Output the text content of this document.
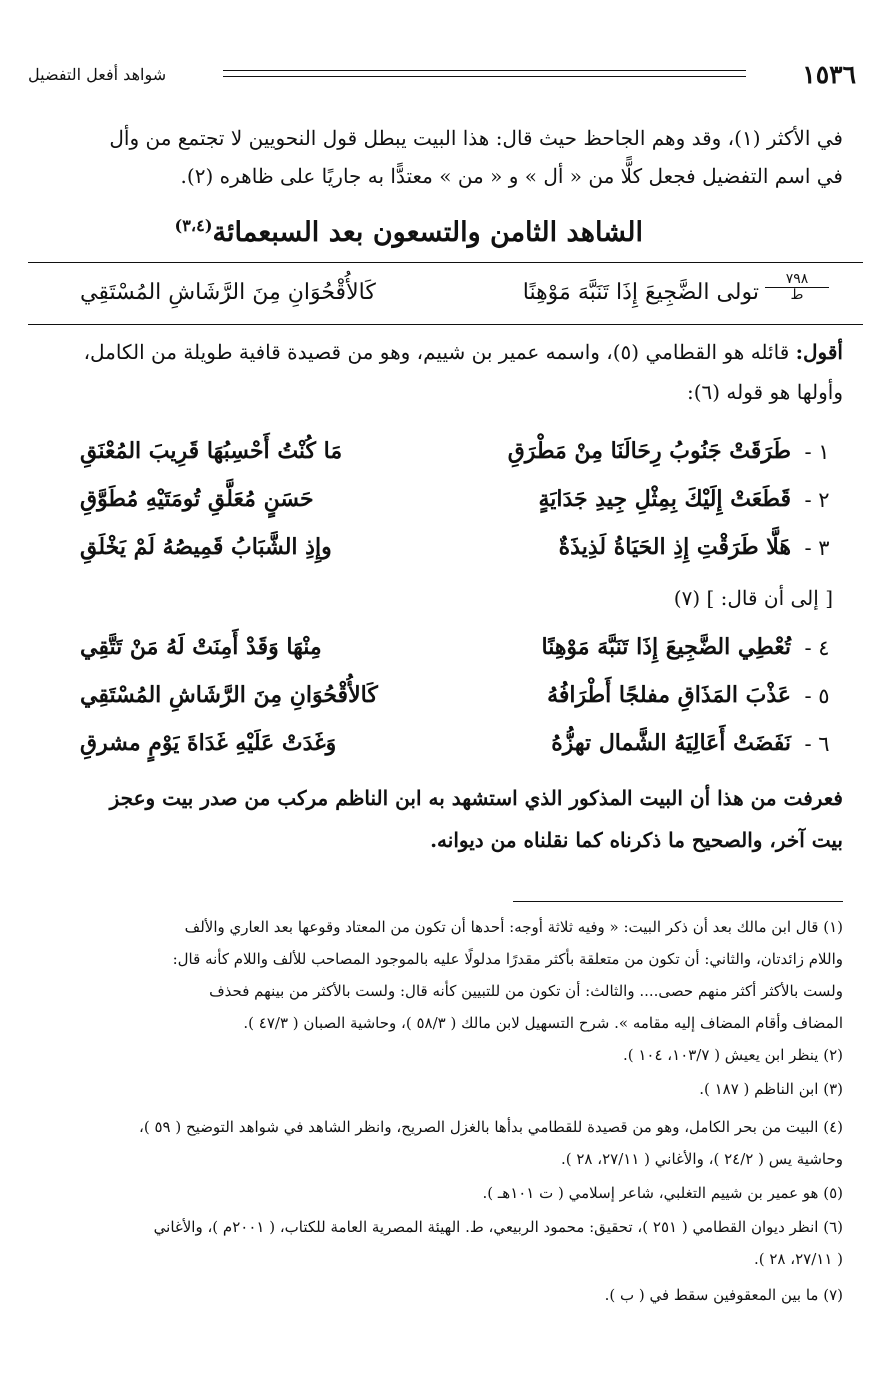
١٥٣٦
شواهد أفعل التفضيل
في الأكثر (١)، وقد وهم الجاحظ حيث قال: هذا البيت يبطل قول النحويين لا تجتمع من وأل
في اسم التفضيل فجعل كلًّا من « أل » و « من » معتدًّا به جاريًا على ظاهره (٢).
الشاهد الثامن والتسعون بعد السبعمائة$^{(٣،٤)}$
٧٩٨
ط
تولى الضَّجِيعَ إِذَا تَنَبَّهَ مَوْهِنًا
كَالأُقْحُوَانِ مِنَ الرَّشَاشِ المُسْتَقِي
أقول: قائله هو القطامي (٥)، واسمه عمير بن شييم، وهو من قصيدة قافية طويلة من الكامل،
وأولها هو قوله (٦):
١ -
طَرَقَتْ جَنُوبُ رِحَالَنَا مِنْ مَطْرَقِ
مَا كُنْتُ أَحْسِبُهَا قَرِيبَ المُعْنَقِ
٢ -
قَطَعَتْ إِلَيْكَ بِمِثْلِ جِيدِ جَدَايَةٍ
حَسَنٍ مُعَلَّقِ تُومَتَيْهِ مُطَوَّقِ
٣ -
هَلَّا طَرَقْتِ إِذِ الحَيَاةُ لَذِيذَةٌ
وإِذِ الشَّبَابُ قَمِيصُهُ لَمْ يَخْلَقِ
[ إلى أن قال: ] (٧)
٤ -
تُعْطِي الضَّجِيعَ إِذَا تَنَبَّهَ مَوْهِنًا
مِنْهَا وَقَدْ أَمِنَتْ لَهُ مَنْ تَتَّقِي
٥ -
عَذْبَ المَذَاقِ مفلجًا أَطْرَافُهُ
كَالأُقْحُوَانِ مِنَ الرَّشَاشِ المُسْتَقِي
٦ -
نَفَضَتْ أَعَالِيَهُ الشَّمال تهزُّهُ
وَغَدَتْ عَلَيْهِ غَدَاةَ يَوْمٍ مشرقِ
فعرفت من هذا أن البيت المذكور الذي استشهد به ابن الناظم مركب من صدر بيت وعجز
بيت آخر، والصحيح ما ذكرناه كما نقلناه من ديوانه.
(١) قال ابن مالك بعد أن ذكر البيت: « وفيه ثلاثة أوجه: أحدها أن تكون من المعتاد وقوعها بعد العاري والألف
واللام زائدتان، والثاني: أن تكون من متعلقة بأكثر مقدرًا مدلولًا عليه بالموجود المصاحب للألف واللام كأنه قال:
ولست بالأكثر أكثر منهم حصى.... والثالث: أن تكون من للتبيين كأنه قال: ولست بالأكثر من بينهم فحذف
المضاف وأقام المضاف إليه مقامه ». شرح التسهيل لابن مالك ( ٥٨/٣ )، وحاشية الصبان ( ٤٧/٣ ).
(٢) ينظر ابن يعيش ( ١٠٣/٧، ١٠٤ ).
(٣) ابن الناظم ( ١٨٧ ).
(٤) البيت من بحر الكامل، وهو من قصيدة للقطامي بدأها بالغزل الصريح، وانظر الشاهد في شواهد التوضيح ( ٥٩ )،
وحاشية يس ( ٢٤/٢ )، والأغاني ( ٢٧/١١، ٢٨ ).
(٥) هو عمير بن شييم التغلبي، شاعر إسلامي ( ت ١٠١هـ ).
(٦) انظر ديوان القطامي ( ٢٥١ )، تحقيق: محمود الربيعي، ط. الهيئة المصرية العامة للكتاب، ( ٢٠٠١م )، والأغاني
( ٢٧/١١، ٢٨ ).
(٧) ما بين المعقوفين سقط في ( ب ).
